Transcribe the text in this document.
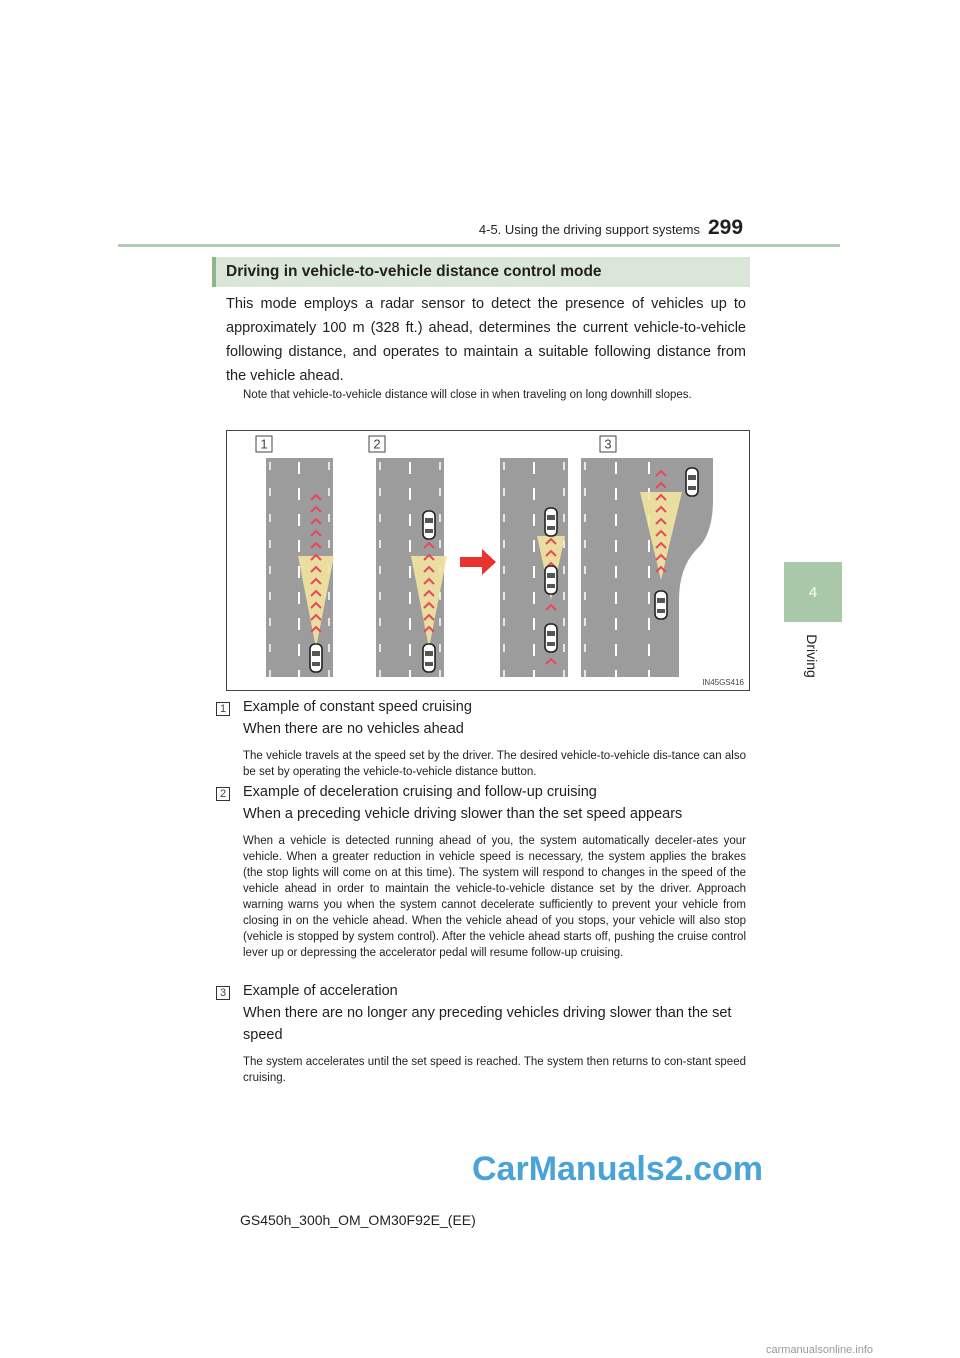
4-5. Using the driving support systems 299
4
Driving
Driving in vehicle-to-vehicle distance control mode
This mode employs a radar sensor to detect the presence of vehicles up to approximately 100 m (328 ft.) ahead, determines the current vehicle-to-vehicle following distance, and operates to maintain a suitable following distance from the vehicle ahead.
Note that vehicle-to-vehicle distance will close in when traveling on long downhill slopes.
1	2	3
IN45GS416
1 Example of constant speed cruising
When there are no vehicles ahead
The vehicle travels at the speed set by the driver. The desired vehicle-to-vehicle dis-tance can also be set by operating the vehicle-to-vehicle distance button.
2 Example of deceleration cruising and follow-up cruising
When a preceding vehicle driving slower than the set speed appears
When a vehicle is detected running ahead of you, the system automatically deceler-ates your vehicle. When a greater reduction in vehicle speed is necessary, the system applies the brakes (the stop lights will come on at this time). The system will respond to changes in the speed of the vehicle ahead in order to maintain the vehicle-to-vehicle distance set by the driver. Approach warning warns you when the system cannot decelerate sufficiently to prevent your vehicle from closing in on the vehicle ahead. When the vehicle ahead of you stops, your vehicle will also stop (vehicle is stopped by system control). After the vehicle ahead starts off, pushing the cruise control lever up or depressing the accelerator pedal will resume follow-up cruising.
3 Example of acceleration
When there are no longer any preceding vehicles driving slower than the set speed
The system accelerates until the set speed is reached. The system then returns to con-stant speed cruising.
GS450h_300h_OM_OM30F92E_(EE)
CarManuals2.com
carmanualsonline.info
